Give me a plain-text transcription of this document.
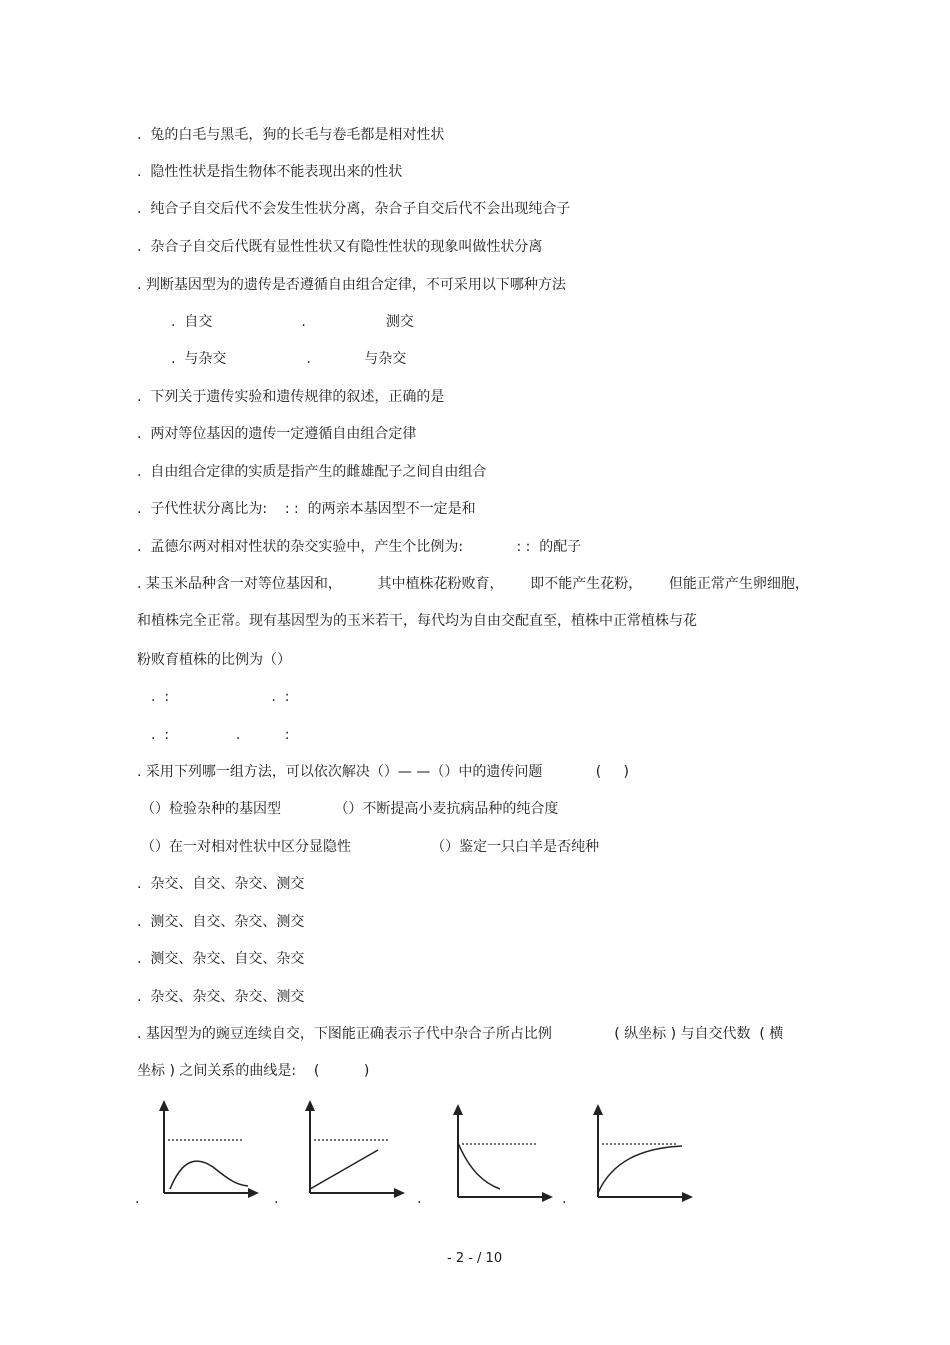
.  兔的白毛与黑毛，狗的长毛与卷毛都是相对性状
.  隐性性状是指生物体不能表现出来的性状
.  纯合子自交后代不会发生性状分离，杂合子自交后代不会出现纯合子
.  杂合子自交后代既有显性性状又有隐性性状的现象叫做性状分离
. 判断基因型为的遗传是否遵循自由组合定律，不可采用以下哪种方法
.  自交                    .                  测交
.  与杂交                  .            与杂交
.  下列关于遗传实验和遗传规律的叙述，正确的是
.  两对等位基因的遗传一定遵循自由组合定律
.  自由组合定律的实质是指产生的雌雄配子之间自由组合
.  子代性状分离比为:    : :  的两亲本基因型不一定是和
.  孟德尔两对相对性状的杂交实验中，产生个比例为:            : :  的配子
. 某玉米品种含一对等位基因和，        其中植株花粉败育，      即不能产生花粉，      但能正常产生卵细胞，
和植株完全正常。现有基因型为的玉米若干，每代均为自由交配直至，植株中正常植株与花
粉败育植株的比例为（）
.  :                       .  :
.  :               .          :
. 采用下列哪一组方法，可以依次解决（）— —（）中的遗传问题            (     )
（）检验杂种的基因型            （）不断提高小麦抗病品种的纯合度
（）在一对相对性状中区分显隐性                  （）鉴定一只白羊是否纯种
.  杂交、自交、杂交、测交
.  测交、自交、杂交、测交
.  测交、杂交、自交、杂交
.  杂交、杂交、杂交、测交
. 基因型为的豌豆连续自交，下图能正确表示子代中杂合子所占比例              ( 纵坐标 ) 与自交代数  ( 横
坐标 ) 之间关系的曲线是:    (          )
.	.	.	.
- 2 - / 10
